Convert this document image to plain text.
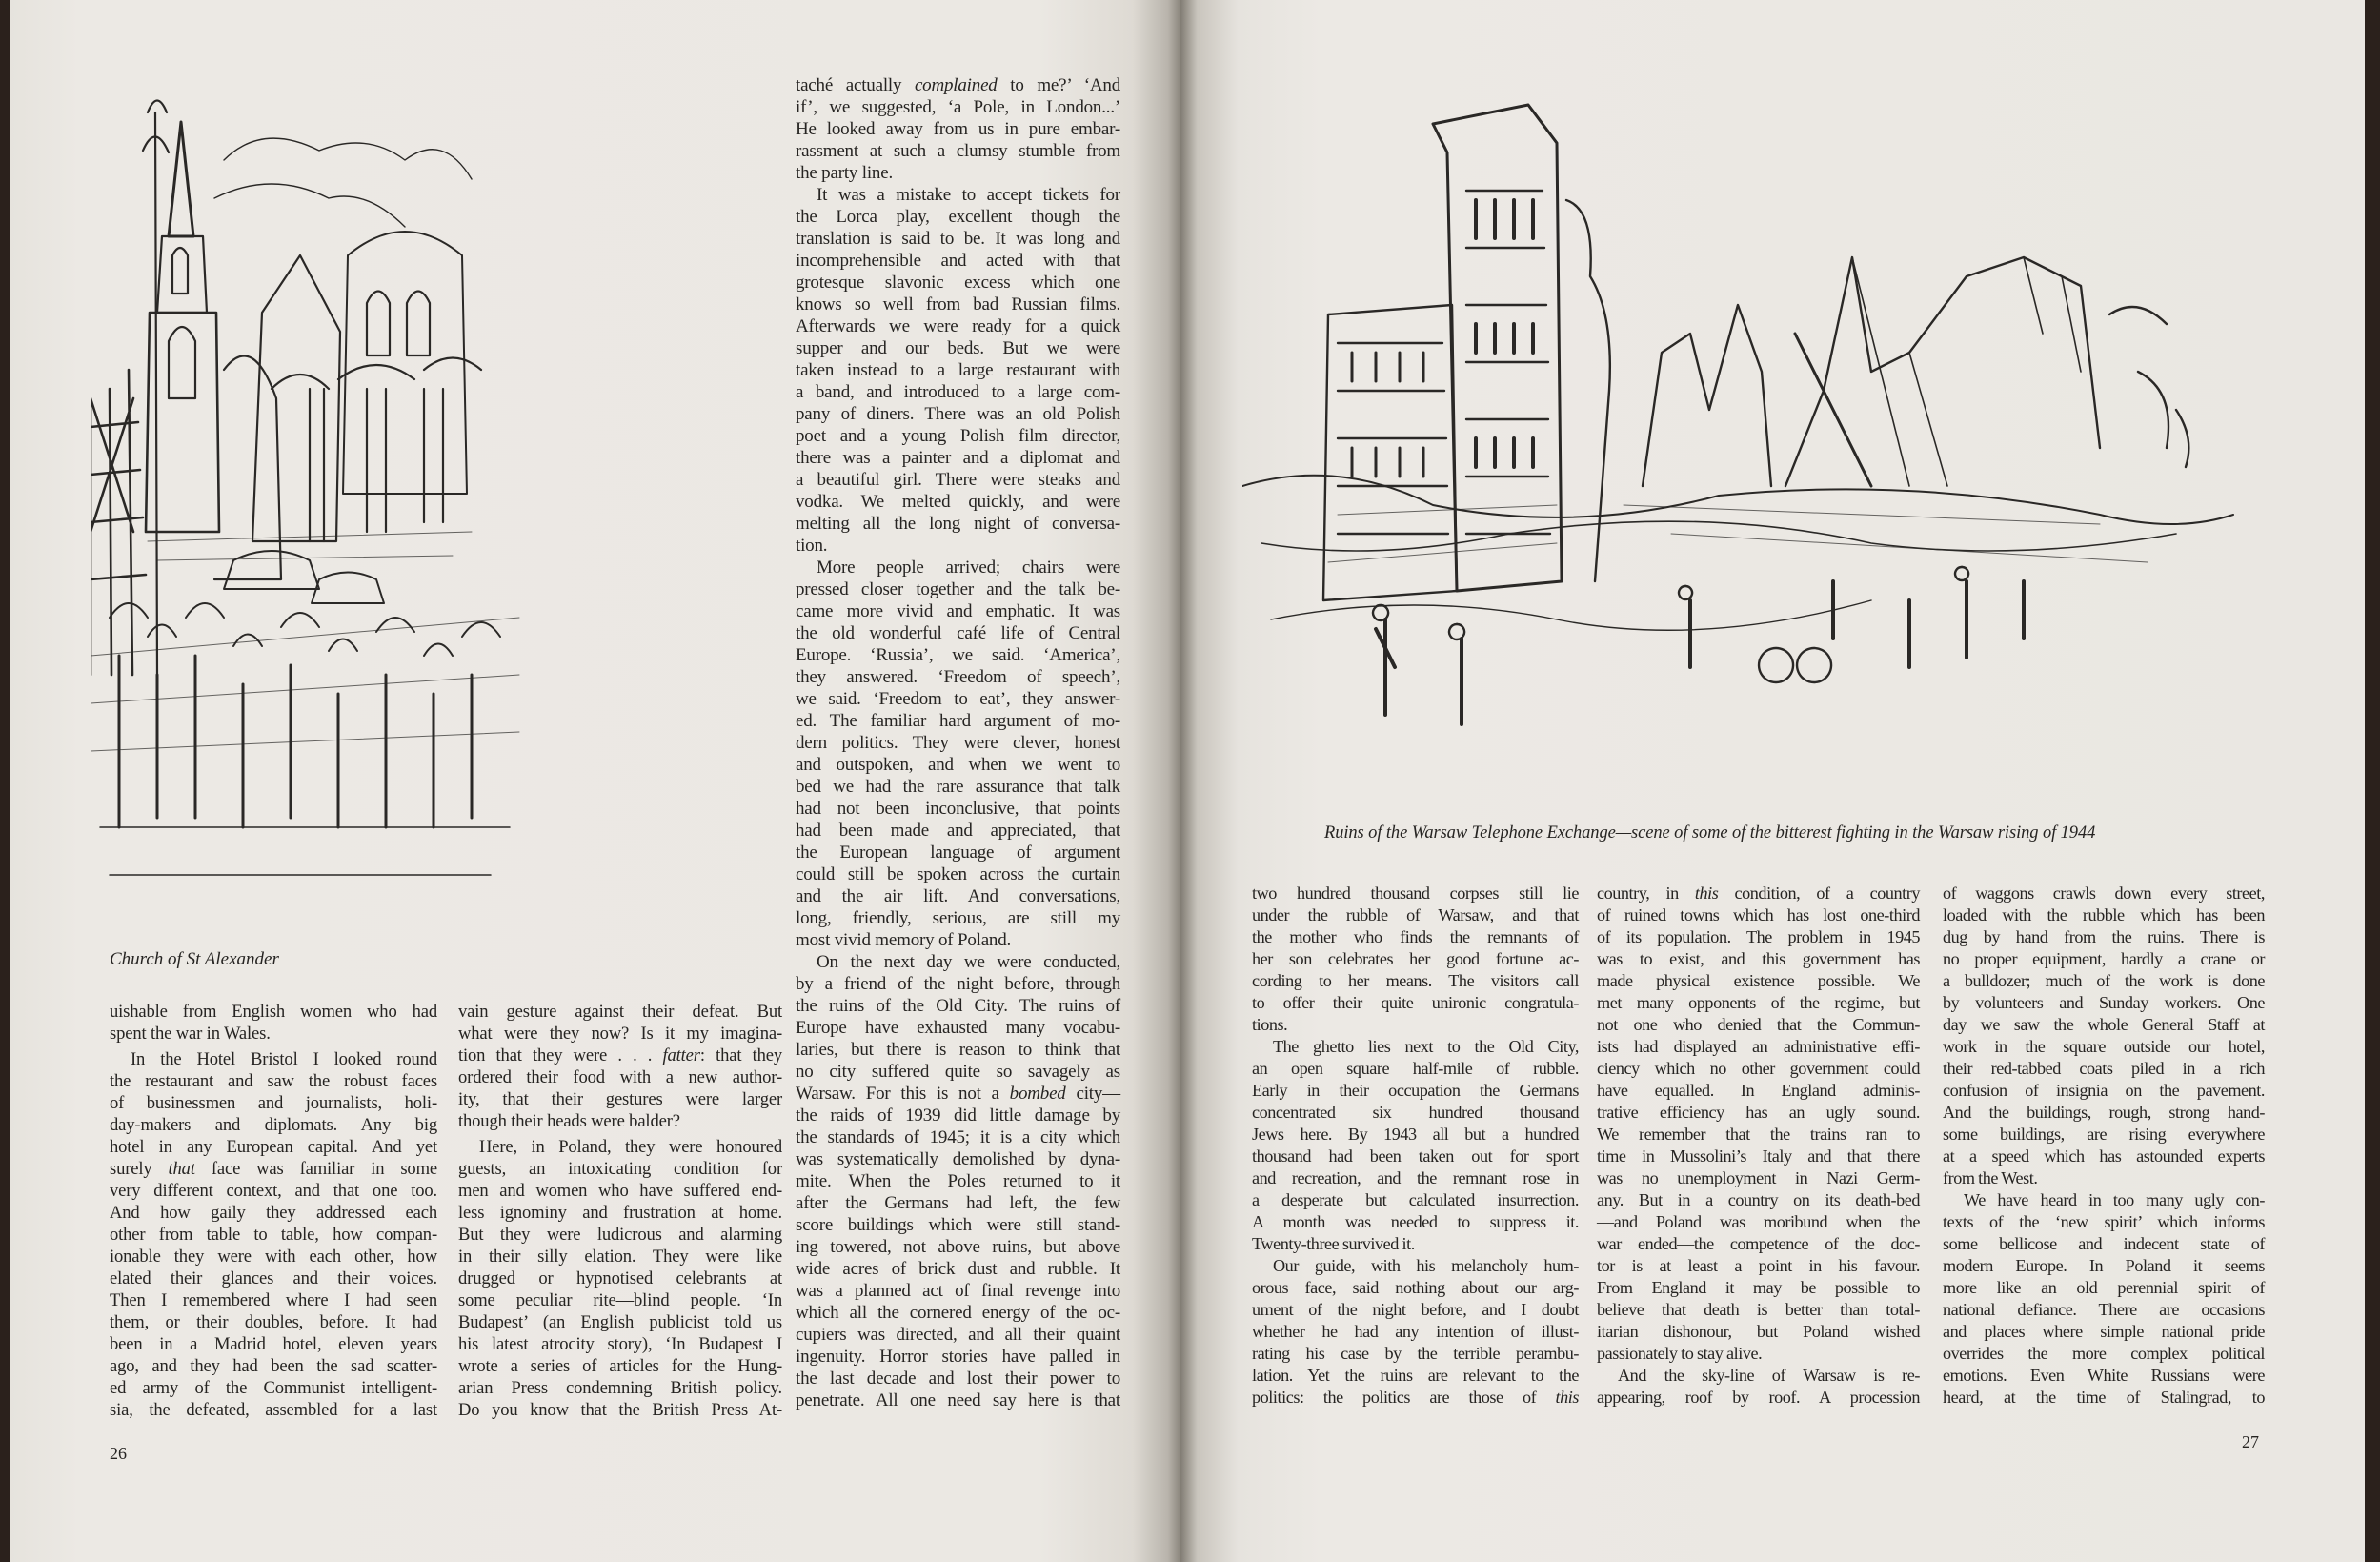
Church of St Alexander
uishable from English women who had
spent the war in Wales.
In the Hotel Bristol I looked round
the restaurant and saw the robust faces
of businessmen and journalists, holi-
day-makers and diplomats. Any big
hotel in any European capital. And yet
surely that face was familiar in some
very different context, and that one too.
And how gaily they addressed each
other from table to table, how compan-
ionable they were with each other, how
elated their glances and their voices.
Then I remembered where I had seen
them, or their doubles, before. It had
been in a Madrid hotel, eleven years
ago, and they had been the sad scatter-
ed army of the Communist intelligent-
sia, the defeated, assembled for a last
vain gesture against their defeat. But
what were they now? Is it my imagina-
tion that they were . . . fatter: that they
ordered their food with a new author-
ity, that their gestures were larger
though their heads were balder?
Here, in Poland, they were honoured
guests, an intoxicating condition for
men and women who have suffered end-
less ignominy and frustration at home.
But they were ludicrous and alarming
in their silly elation. They were like
drugged or hypnotised celebrants at
some peculiar rite—blind people. ‘In
Budapest’ (an English publicist told us
his latest atrocity story), ‘In Budapest I
wrote a series of articles for the Hung-
arian Press condemning British policy.
Do you know that the British Press At-
taché actually complained to me?’ ‘And
if’, we suggested, ‘a Pole, in London...’
He looked away from us in pure embar-
rassment at such a clumsy stumble from
the party line.
It was a mistake to accept tickets for
the Lorca play, excellent though the
translation is said to be. It was long and
incomprehensible and acted with that
grotesque slavonic excess which one
knows so well from bad Russian films.
Afterwards we were ready for a quick
supper and our beds. But we were
taken instead to a large restaurant with
a band, and introduced to a large com-
pany of diners. There was an old Polish
poet and a young Polish film director,
there was a painter and a diplomat and
a beautiful girl. There were steaks and
vodka. We melted quickly, and were
melting all the long night of conversa-
tion.
More people arrived; chairs were
pressed closer together and the talk be-
came more vivid and emphatic. It was
the old wonderful café life of Central
Europe. ‘Russia’, we said. ‘America’,
they answered. ‘Freedom of speech’,
we said. ‘Freedom to eat’, they answer-
ed. The familiar hard argument of mo-
dern politics. They were clever, honest
and outspoken, and when we went to
bed we had the rare assurance that talk
had not been inconclusive, that points
had been made and appreciated, that
the European language of argument
could still be spoken across the curtain
and the air lift. And conversations,
long, friendly, serious, are still my
most vivid memory of Poland.
On the next day we were conducted,
by a friend of the night before, through
the ruins of the Old City. The ruins of
Europe have exhausted many vocabu-
laries, but there is reason to think that
no city suffered quite so savagely as
Warsaw. For this is not a bombed city—
the raids of 1939 did little damage by
the standards of 1945; it is a city which
was systematically demolished by dyna-
mite. When the Poles returned to it
after the Germans had left, the few
score buildings which were still stand-
ing towered, not above ruins, but above
wide acres of brick dust and rubble. It
was a planned act of final revenge into
which all the cornered energy of the oc-
cupiers was directed, and all their quaint
ingenuity. Horror stories have palled in
the last decade and lost their power to
penetrate. All one need say here is that
26
Ruins of the Warsaw Telephone Exchange—scene of some of the bitterest fighting in the Warsaw rising of 1944
two hundred thousand corpses still lie
under the rubble of Warsaw, and that
the mother who finds the remnants of
her son celebrates her good fortune ac-
cording to her means. The visitors call
to offer their quite unironic congratula-
tions.
The ghetto lies next to the Old City,
an open square half-mile of rubble.
Early in their occupation the Germans
concentrated six hundred thousand
Jews here. By 1943 all but a hundred
thousand had been taken out for sport
and recreation, and the remnant rose in
a desperate but calculated insurrection.
A month was needed to suppress it.
Twenty-three survived it.
Our guide, with his melancholy hum-
orous face, said nothing about our arg-
ument of the night before, and I doubt
whether he had any intention of illust-
rating his case by the terrible perambu-
lation. Yet the ruins are relevant to the
politics: the politics are those of this
country, in this condition, of a country
of ruined towns which has lost one-third
of its population. The problem in 1945
was to exist, and this government has
made physical existence possible. We
met many opponents of the regime, but
not one who denied that the Commun-
ists had displayed an administrative effi-
ciency which no other government could
have equalled. In England adminis-
trative efficiency has an ugly sound.
We remember that the trains ran to
time in Mussolini’s Italy and that there
was no unemployment in Nazi Germ-
any. But in a country on its death-bed
—and Poland was moribund when the
war ended—the competence of the doc-
tor is at least a point in his favour.
From England it may be possible to
believe that death is better than total-
itarian dishonour, but Poland wished
passionately to stay alive.
And the sky-line of Warsaw is re-
appearing, roof by roof. A procession
of waggons crawls down every street,
loaded with the rubble which has been
dug by hand from the ruins. There is
no proper equipment, hardly a crane or
a bulldozer; much of the work is done
by volunteers and Sunday workers. One
day we saw the whole General Staff at
work in the square outside our hotel,
their red-tabbed coats piled in a rich
confusion of insignia on the pavement.
And the buildings, rough, strong hand-
some buildings, are rising everywhere
at a speed which has astounded experts
from the West.
We have heard in too many ugly con-
texts of the ‘new spirit’ which informs
some bellicose and indecent state of
modern Europe. In Poland it seems
more like an old perennial spirit of
national defiance. There are occasions
and places where simple national pride
overrides the more complex political
emotions. Even White Russians were
heard, at the time of Stalingrad, to
27
